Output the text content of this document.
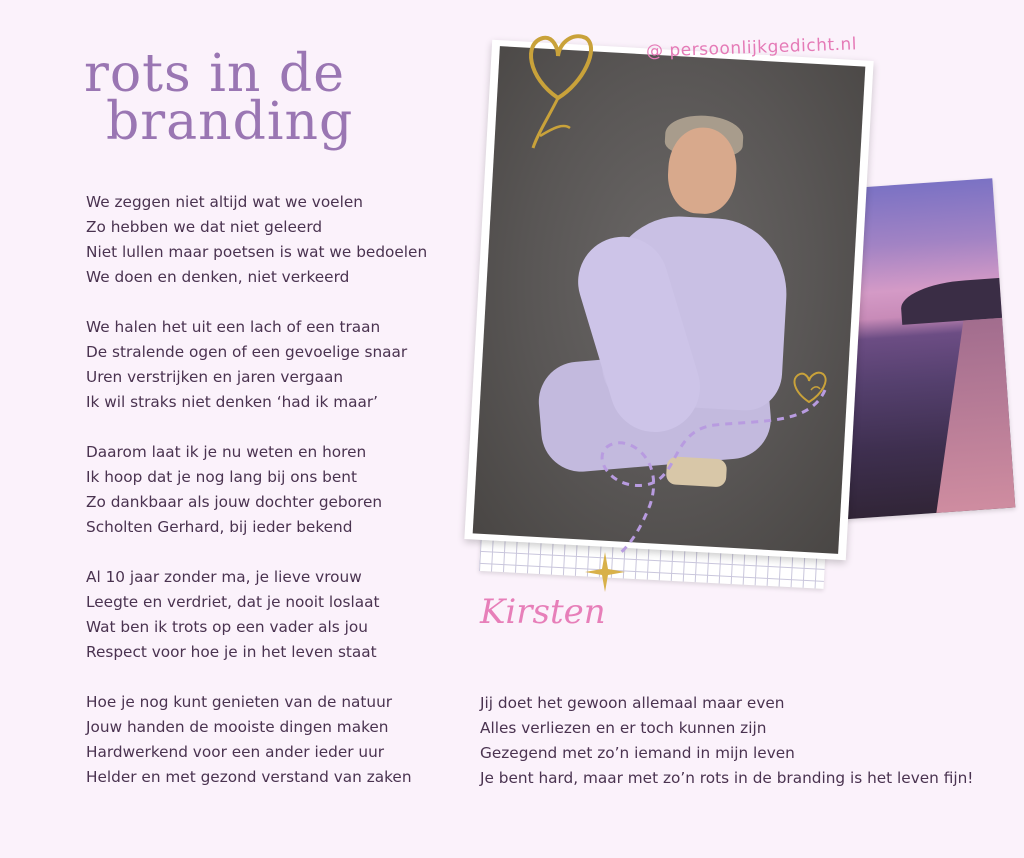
rots in de
branding
We zeggen niet altijd wat we voelen
Zo hebben we dat niet geleerd
Niet lullen maar poetsen is wat we bedoelen
We doen en denken, niet verkeerd
We halen het uit een lach of een traan
De stralende ogen of een gevoelige snaar
Uren verstrijken en jaren vergaan
Ik wil straks niet denken ‘had ik maar’
Daarom laat ik je nu weten en horen
Ik hoop dat je nog lang bij ons bent
Zo dankbaar als jouw dochter geboren
Scholten Gerhard, bij ieder bekend
Al 10 jaar zonder ma, je lieve vrouw
Leegte en verdriet, dat je nooit loslaat
Wat ben ik trots op een vader als jou
Respect voor hoe je in het leven staat
Hoe je nog kunt genieten van de natuur
Jouw handen de mooiste dingen maken
Hardwerkend voor een ander ieder uur
Helder en met gezond verstand van zaken
Jij doet het gewoon allemaal maar even
Alles verliezen en er toch kunnen zijn
Gezegend met zo’n iemand in mijn leven
Je bent hard, maar met zo’n rots in de branding is het leven fijn!
@ persoonlijkgedicht.nl
Kirsten
